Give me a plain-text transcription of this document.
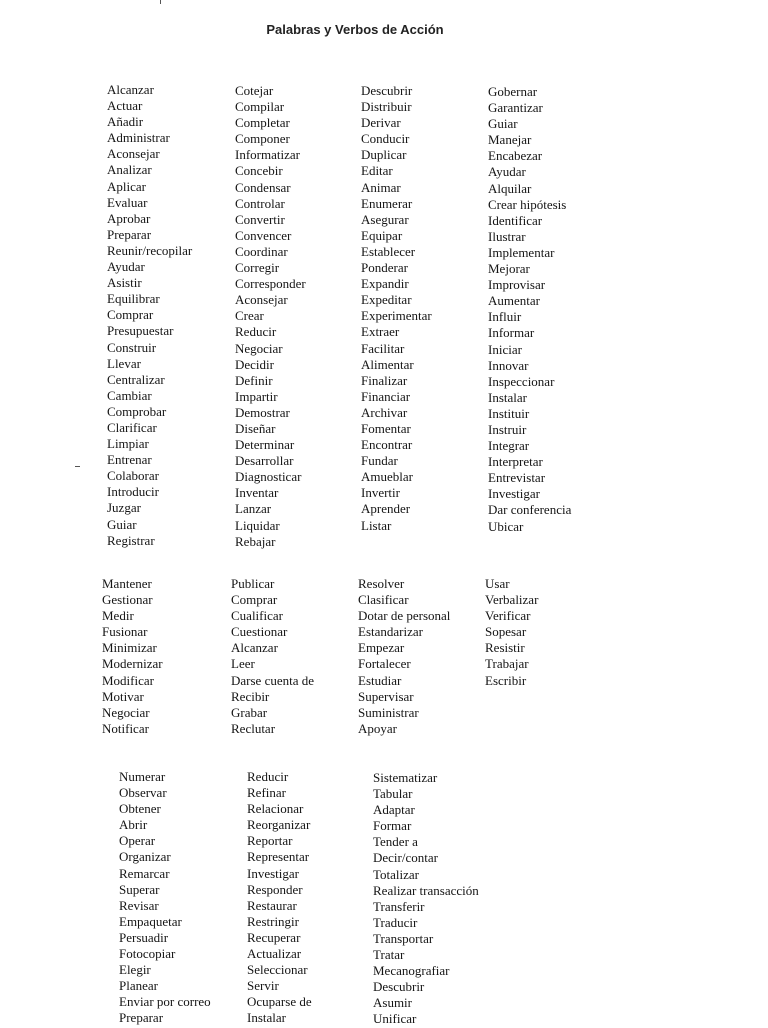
Palabras y Verbos de Acción
Alcanzar
Actuar
Añadir
Administrar
Aconsejar
Analizar
Aplicar
Evaluar
Aprobar
Preparar
Reunir/recopilar
Ayudar
Asistir
Equilibrar
Comprar
Presupuestar
Construir
Llevar
Centralizar
Cambiar
Comprobar
Clarificar
Limpiar
Entrenar
Colaborar
Introducir
Juzgar
Guiar
Registrar
Cotejar
Compilar
Completar
Componer
Informatizar
Concebir
Condensar
Controlar
Convertir
Convencer
Coordinar
Corregir
Corresponder
Aconsejar
Crear
Reducir
Negociar
Decidir
Definir
Impartir
Demostrar
Diseñar
Determinar
Desarrollar
Diagnosticar
Inventar
Lanzar
Liquidar
Rebajar
Descubrir
Distribuir
Derivar
Conducir
Duplicar
Editar
Animar
Enumerar
Asegurar
Equipar
Establecer
Ponderar
Expandir
Expeditar
Experimentar
Extraer
Facilitar
Alimentar
Finalizar
Financiar
Archivar
Fomentar
Encontrar
Fundar
Amueblar
Invertir
Aprender
Listar
Gobernar
Garantizar
Guiar
Manejar
Encabezar
Ayudar
Alquilar
Crear hipótesis
Identificar
Ilustrar
Implementar
Mejorar
Improvisar
Aumentar
Influir
Informar
Iniciar
Innovar
Inspeccionar
Instalar
Instituir
Instruir
Integrar
Interpretar
Entrevistar
Investigar
Dar conferencia
Ubicar
Mantener
Gestionar
Medir
Fusionar
Minimizar
Modernizar
Modificar
Motivar
Negociar
Notificar
Publicar
Comprar
Cualificar
Cuestionar
Alcanzar
Leer
Darse cuenta de
Recibir
Grabar
Reclutar
Resolver
Clasificar
Dotar de personal
Estandarizar
Empezar
Fortalecer
Estudiar
Supervisar
Suministrar
Apoyar
Usar
Verbalizar
Verificar
Sopesar
Resistir
Trabajar
Escribir
Numerar
Observar
Obtener
Abrir
Operar
Organizar
Remarcar
Superar
Revisar
Empaquetar
Persuadir
Fotocopiar
Elegir
Planear
Enviar por correo
Preparar
Reducir
Refinar
Relacionar
Reorganizar
Reportar
Representar
Investigar
Responder
Restaurar
Restringir
Recuperar
Actualizar
Seleccionar
Servir
Ocuparse de
Instalar
Sistematizar
Tabular
Adaptar
Formar
Tender a
Decir/contar
Totalizar
Realizar transacción
Transferir
Traducir
Transportar
Tratar
Mecanografiar
Descubrir
Asumir
Unificar
